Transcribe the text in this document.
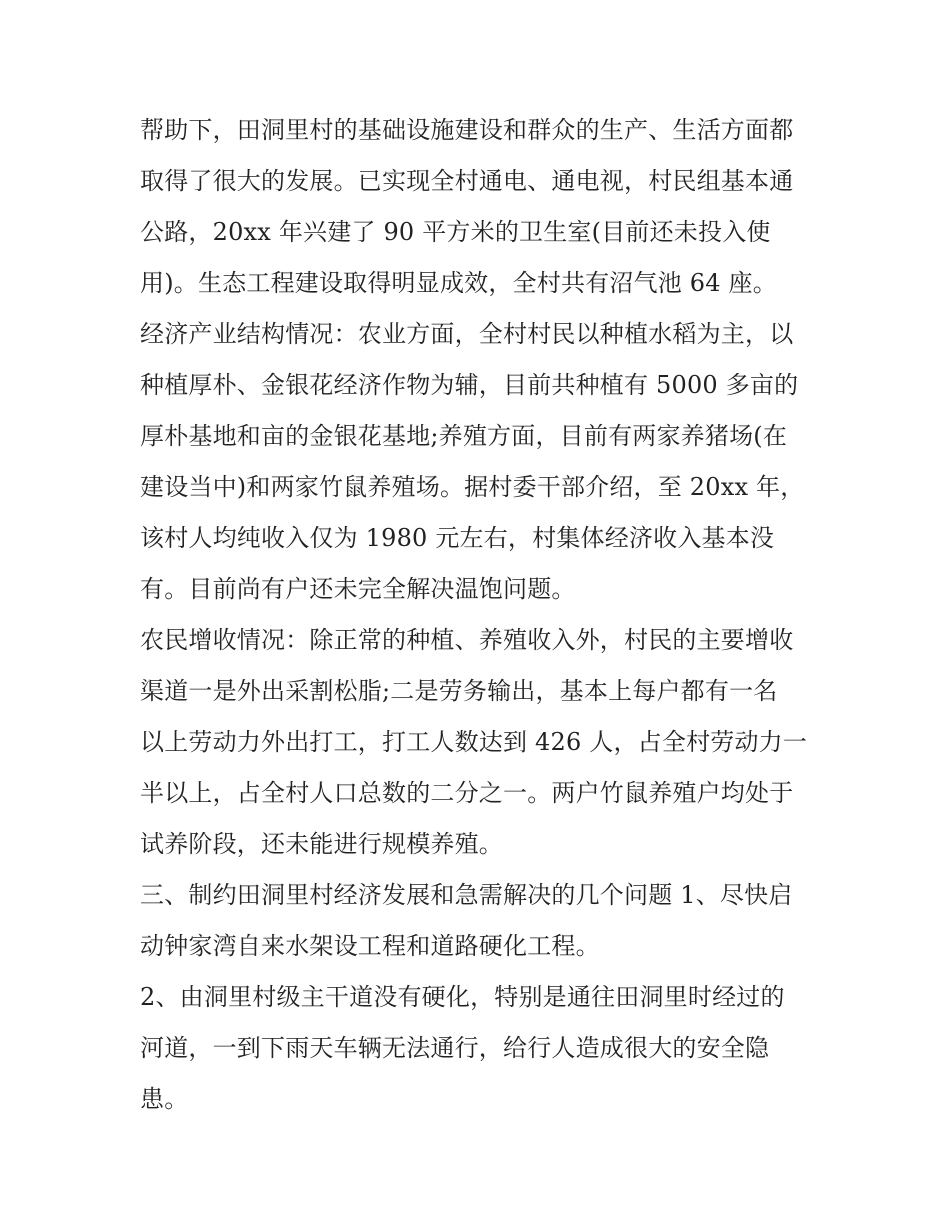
帮助下，田洞里村的基础设施建设和群众的生产、生活方面都
取得了很大的发展。已实现全村通电、通电视，村民组基本通
公路，20xx 年兴建了 90 平方米的卫生室(目前还未投入使
用)。生态工程建设取得明显成效，全村共有沼气池 64 座。
经济产业结构情况：农业方面，全村村民以种植水稻为主，以
种植厚朴、金银花经济作物为辅，目前共种植有 5000 多亩的
厚朴基地和亩的金银花基地;养殖方面，目前有两家养猪场(在
建设当中)和两家竹鼠养殖场。据村委干部介绍，至 20xx 年，
该村人均纯收入仅为 1980 元左右，村集体经济收入基本没
有。目前尚有户还未完全解决温饱问题。
农民增收情况：除正常的种植、养殖收入外，村民的主要增收
渠道一是外出采割松脂;二是劳务输出，基本上每户都有一名
以上劳动力外出打工，打工人数达到 426 人，占全村劳动力一
半以上，占全村人口总数的二分之一。两户竹鼠养殖户均处于
试养阶段，还未能进行规模养殖。
三、制约田洞里村经济发展和急需解决的几个问题 1、尽快启
动钟家湾自来水架设工程和道路硬化工程。
2、由洞里村级主干道没有硬化，特别是通往田洞里时经过的
河道，一到下雨天车辆无法通行，给行人造成很大的安全隐
患。
